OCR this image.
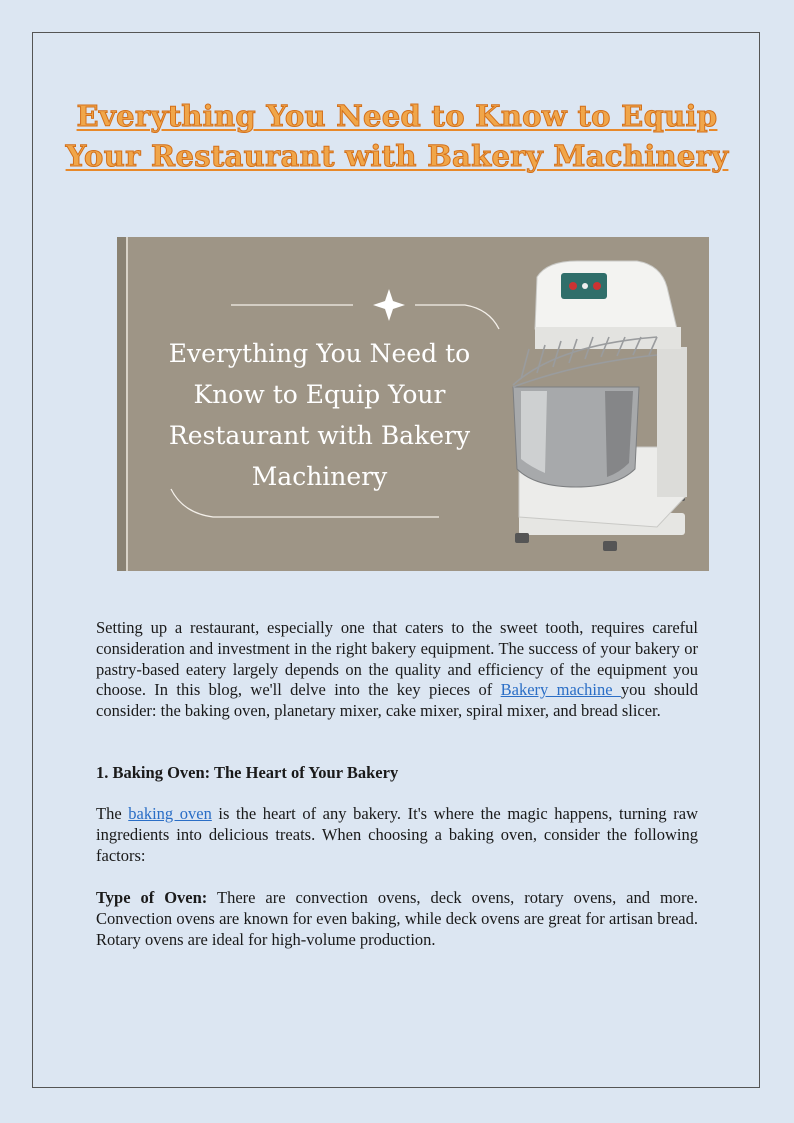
Everything You Need to Know to Equip Your Restaurant with Bakery Machinery
Everything You Need to Know to Equip Your Restaurant with Bakery Machinery

Setting up a restaurant, especially one that caters to the sweet tooth, requires careful consideration and investment in the right bakery equipment. The success of your bakery or pastry-based eatery largely depends on the quality and efficiency of the equipment you choose. In this blog, we'll delve into the key pieces of Bakery machine you should consider: the baking oven, planetary mixer, cake mixer, spiral mixer, and bread slicer.

1. Baking Oven: The Heart of Your Bakery

The baking oven is the heart of any bakery. It's where the magic happens, turning raw ingredients into delicious treats. When choosing a baking oven, consider the following factors:

Type of Oven: There are convection ovens, deck ovens, rotary ovens, and more. Convection ovens are known for even baking, while deck ovens are great for artisan bread. Rotary ovens are ideal for high-volume production.
